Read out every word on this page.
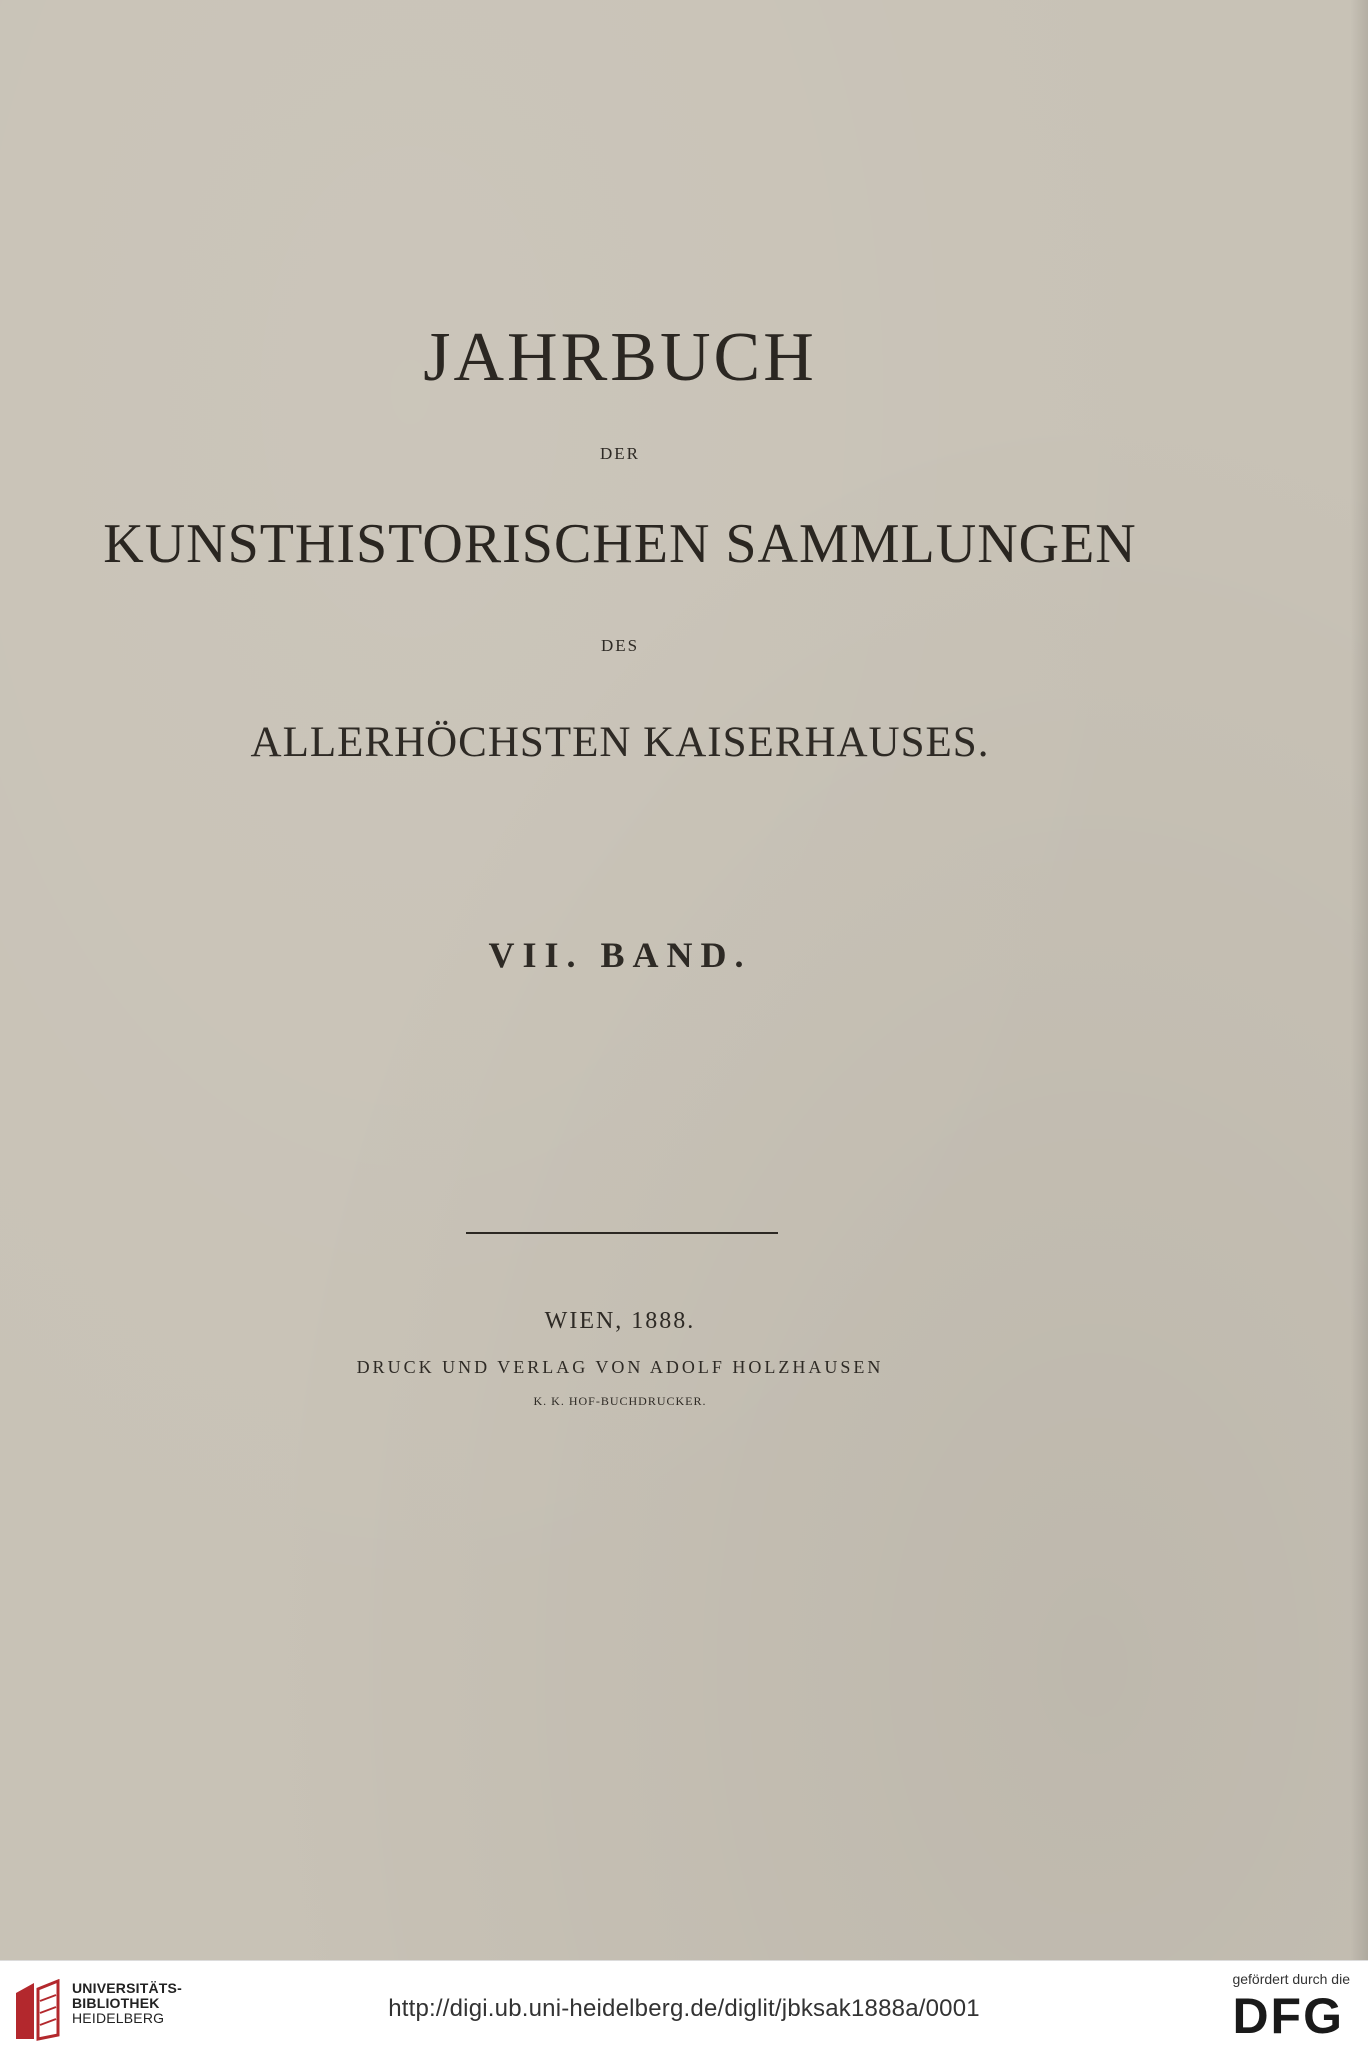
JAHRBUCH
DER
KUNSTHISTORISCHEN SAMMLUNGEN
DES
ALLERHÖCHSTEN KAISERHAUSES.
VII. BAND.
WIEN, 1888.
DRUCK UND VERLAG VON ADOLF HOLZHAUSEN
K. K. HOF-BUCHDRUCKER.
UNIVERSITÄTS-
BIBLIOTHEK
HEIDELBERG	http://digi.ub.uni-heidelberg.de/diglit/jbksak1888a/0001
gefördert durch die
DFG
